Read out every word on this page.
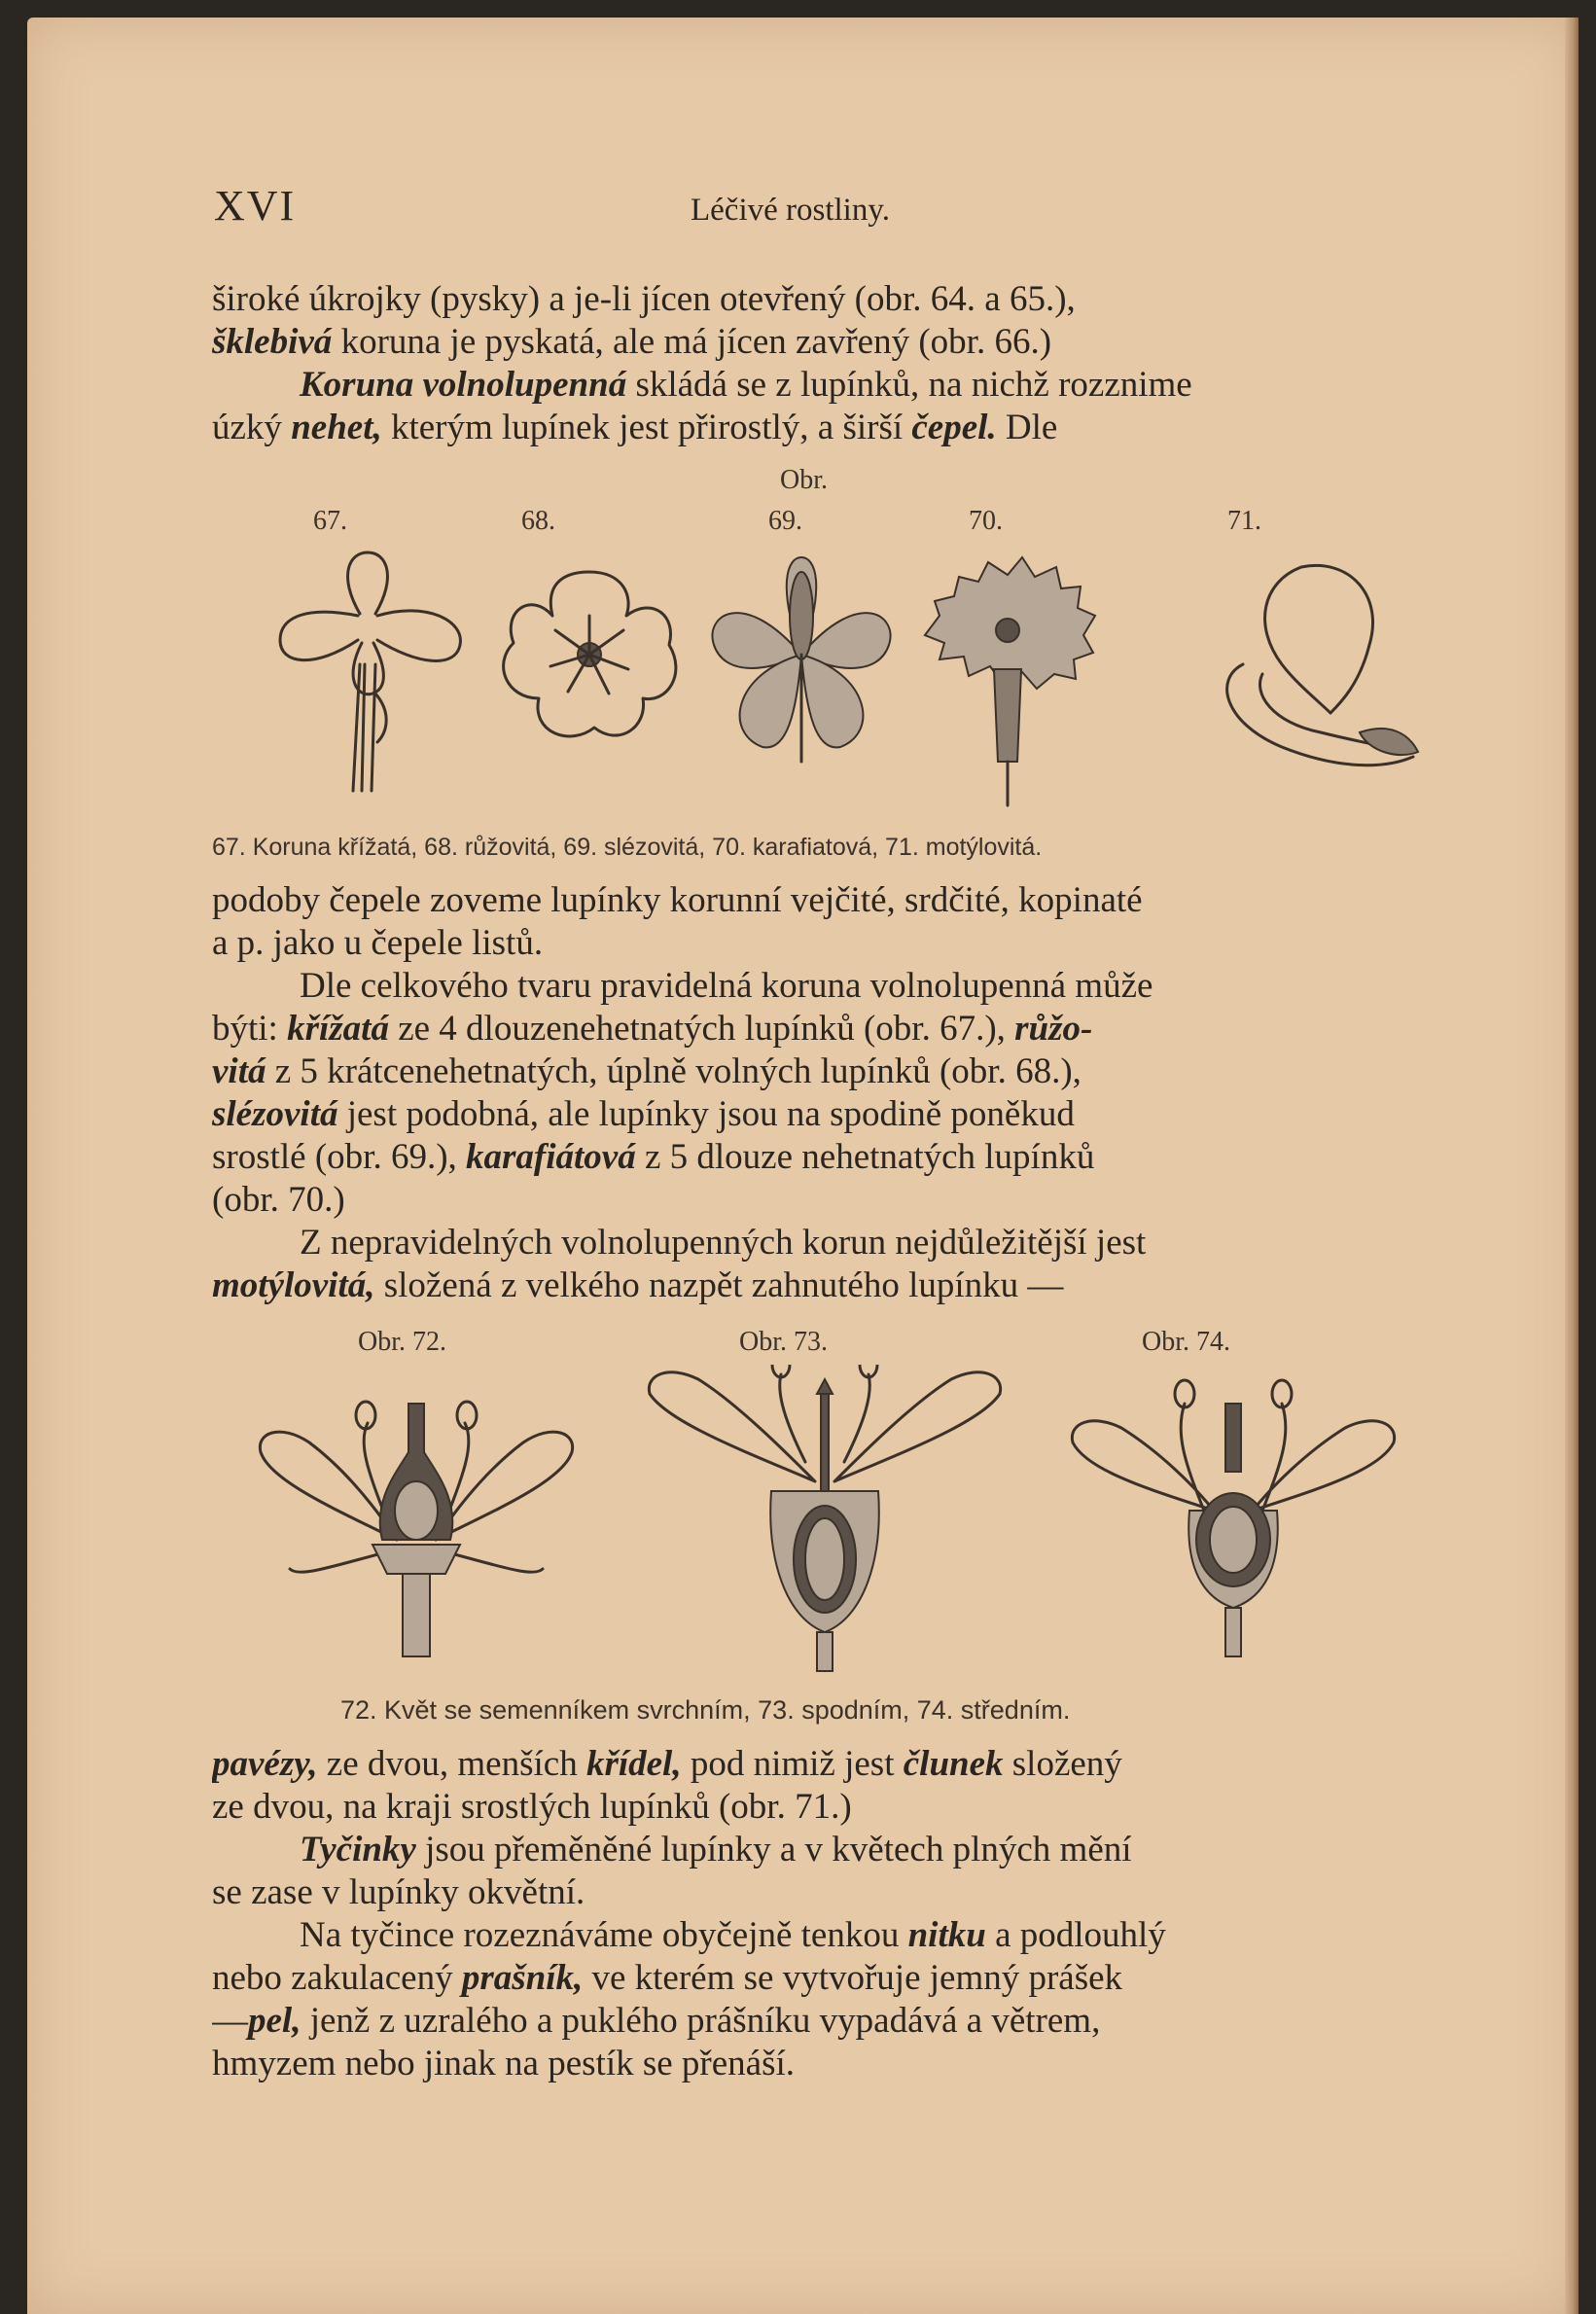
XVI	Léčivé rostliny.
široké úkrojky (pysky) a je-li jícen otevřený (obr. 64. a 65.),
šklebivá koruna je pyskatá, ale má jícen zavřený (obr. 66.)
Koruna volnolupenná skládá se z lupínků, na nichž rozznime
úzký nehet, kterým lupínek jest přirostlý, a širší čepel. Dle
Obr.
67.	68.	69.	70.	71.
67. Koruna křížatá, 68. růžovitá, 69. slézovitá, 70. karafiatová, 71. motýlovitá.
podoby čepele zoveme lupínky korunní vejčité, srdčité, kopinaté
a p. jako u čepele listů.
Dle celkového tvaru pravidelná koruna volnolupenná může
býti: křížatá ze 4 dlouzenehetnatých lupínků (obr. 67.), růžo-
vitá z 5 krátcenehetnatých, úplně volných lupínků (obr. 68.),
slézovitá jest podobná, ale lupínky jsou na spodině poněkud
srostlé (obr. 69.), karafiátová z 5 dlouze nehetnatých lupínků
(obr. 70.)
Z nepravidelných volnolupenných korun nejdůležitější jest
motýlovitá, složená z velkého nazpět zahnutého lupínku —
Obr. 72.	Obr. 73.	Obr. 74.
72. Květ se semenníkem svrchním, 73. spodním, 74. středním.
pavézy, ze dvou, menších křídel, pod nimiž jest člunek složený
ze dvou, na kraji srostlých lupínků (obr. 71.)
Tyčinky jsou přeměněné lupínky a v květech plných mění
se zase v lupínky okvětní.
Na tyčince rozeznáváme obyčejně tenkou nitku a podlouhlý
nebo zakulacený prašník, ve kterém se vytvořuje jemný prášek
—pel, jenž z uzralého a puklého prášníku vypadává a větrem,
hmyzem nebo jinak na pestík se přenáší.
